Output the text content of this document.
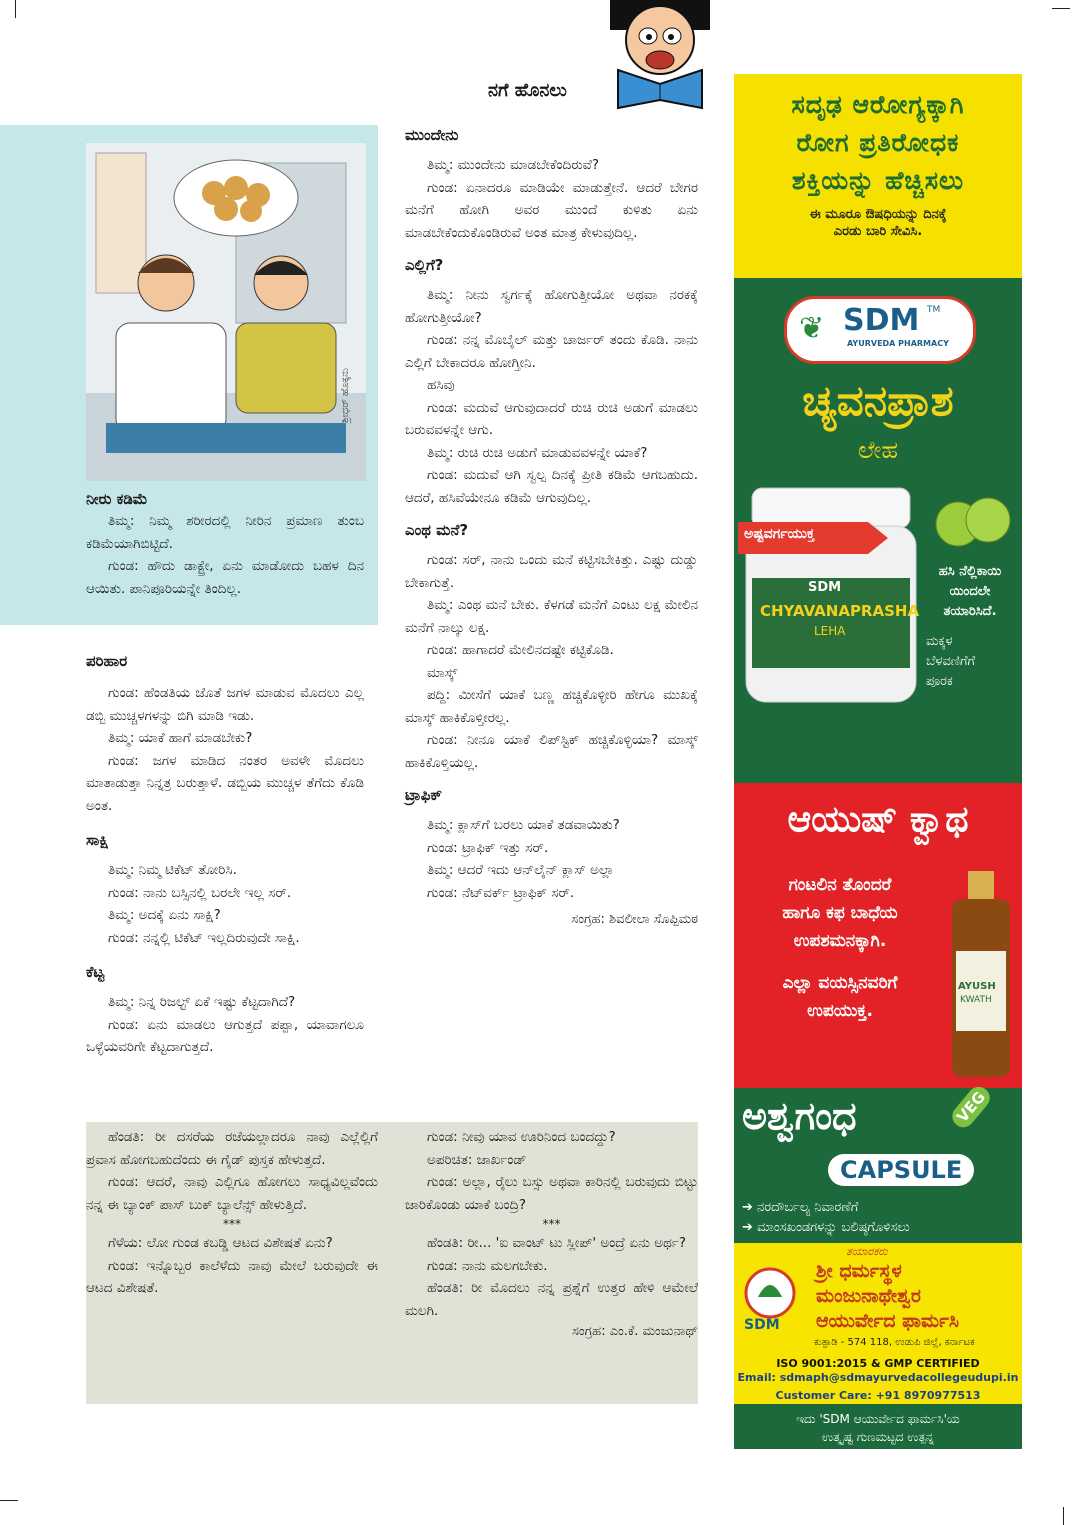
ನಗೆ ಹೊನಲು
ಶ್ರೀಧರ್ ಹೊಕ್ಕನು

ನೀರು ಕಡಿಮೆ

ತಿಮ್ಮ: ನಿಮ್ಮ ಶರೀರದಲ್ಲಿ ನೀರಿನ ಪ್ರಮಾಣ ತುಂಬ ಕಡಿಮೆಯಾಗಿಬಿಟ್ಟಿದೆ.

ಗುಂಡ: ಹೌದು ಡಾಕ್ಟ್ರೇ, ಏನು ಮಾಡೋದು ಬಹಳ ದಿನ ಆಯಿತು. ಪಾನಿಪೂರಿಯನ್ನೇ ತಿಂದಿಲ್ಲ.

ಪರಿಹಾರ

ಗುಂಡ: ಹೆಂಡತಿಯ ಜೊತೆ ಜಗಳ ಮಾಡುವ ಮೊದಲು ಎಲ್ಲ ಡಬ್ಬಿ ಮುಚ್ಚಳಗಳನ್ನು ಬಿಗಿ ಮಾಡಿ ಇಡು.

ತಿಮ್ಮ: ಯಾಕೆ ಹಾಗೆ ಮಾಡಬೇಕು?

ಗುಂಡ: ಜಗಳ ಮಾಡಿದ ನಂತರ ಅವಳೇ ಮೊದಲು ಮಾತಾಡುತ್ತಾ ನಿನ್ನತ್ರ ಬರುತ್ತಾಳೆ. ಡಬ್ಬಿಯ ಮುಚ್ಚಳ ತೆಗೆದು ಕೊಡಿ ಅಂತ.

ಸಾಕ್ಷಿ

ತಿಮ್ಮ: ನಿಮ್ಮ ಟಿಕೆಟ್ ತೋರಿಸಿ.

ಗುಂಡ: ನಾನು ಬಸ್ಸಿನಲ್ಲಿ ಬರಲೇ ಇಲ್ಲ ಸರ್.

ತಿಮ್ಮ: ಅದಕ್ಕೆ ಏನು ಸಾಕ್ಷಿ?

ಗುಂಡ: ನನ್ನಲ್ಲಿ ಟಿಕೆಟ್ ಇಲ್ಲದಿರುವುದೇ ಸಾಕ್ಷಿ.

ಕೆಟ್ಟ

ತಿಮ್ಮ: ನಿನ್ನ ರಿಜಲ್ಟ್ ಏಕೆ ಇಷ್ಟು ಕೆಟ್ಟದಾಗಿದೆ?

ಗುಂಡ: ಏನು ಮಾಡಲು ಆಗುತ್ತದೆ ಪಪ್ಪಾ, ಯಾವಾಗಲೂ ಒಳ್ಳೆಯವರಿಗೇ ಕೆಟ್ಟದಾಗುತ್ತದೆ.

ಮುಂದೇನು

ತಿಮ್ಮ: ಮುಂದೇನು ಮಾಡಬೇಕೆಂದಿರುವೆ?

ಗುಂಡ: ಏನಾದರೂ ಮಾಡಿಯೇ ಮಾಡುತ್ತೇನೆ. ಆದರೆ ಬೇಗರ ಮನೆಗೆ ಹೋಗಿ ಅವರ ಮುಂದೆ ಕುಳಿತು ಏನು ಮಾಡಬೇಕೆಂದುಕೊಂಡಿರುವೆ ಅಂತ ಮಾತ್ರ ಕೇಳುವುದಿಲ್ಲ.

ಎಲ್ಲಿಗೆ?

ತಿಮ್ಮ: ನೀನು ಸ್ವರ್ಗಕ್ಕೆ ಹೋಗುತ್ತೀಯೋ ಅಥವಾ ನರಕಕ್ಕೆ ಹೋಗುತ್ತೀಯೋ?

ಗುಂಡ: ನನ್ನ ಮೊಬೈಲ್ ಮತ್ತು ಚಾರ್ಜರ್ ತಂದು ಕೊಡಿ. ನಾನು ಎಲ್ಲಿಗೆ ಬೇಕಾದರೂ ಹೋಗ್ತೀನಿ.

ಹಸಿವು

ಗುಂಡ: ಮದುವೆ ಆಗುವುದಾದರೆ ರುಚಿ ರುಚಿ ಅಡುಗೆ ಮಾಡಲು ಬರುವವಳನ್ನೇ ಆಗು.

ತಿಮ್ಮ: ರುಚಿ ರುಚಿ ಅಡುಗೆ ಮಾಡುವವಳನ್ನೇ ಯಾಕೆ?

ಗುಂಡ: ಮದುವೆ ಆಗಿ ಸ್ವಲ್ಪ ದಿನಕ್ಕೆ ಪ್ರೀತಿ ಕಡಿಮೆ ಆಗಬಹುದು. ಆದರೆ, ಹಸಿವೆಯೇನೂ ಕಡಿಮೆ ಆಗುವುದಿಲ್ಲ.

ಎಂಥ ಮನೆ?

ಗುಂಡ: ಸರ್, ನಾನು ಒಂದು ಮನೆ ಕಟ್ಟಿಸಬೇಕಿತ್ತು. ಎಷ್ಟು ದುಡ್ಡು ಬೇಕಾಗುತ್ತೆ.

ತಿಮ್ಮ: ಎಂಥ ಮನೆ ಬೇಕು. ಕೆಳಗಡೆ ಮನೆಗೆ ಎಂಟು ಲಕ್ಷ ಮೇಲಿನ ಮನೆಗೆ ನಾಲ್ಕು ಲಕ್ಷ.

ಗುಂಡ: ಹಾಗಾದರೆ ಮೇಲಿನದಷ್ಟೇ ಕಟ್ಟಿಕೊಡಿ.

ಮಾಸ್ಕ್

ಪದ್ದಿ: ಮೀಸೆಗೆ ಯಾಕೆ ಬಣ್ಣ ಹಚ್ಚಿಕೊಳ್ಳೀರಿ ಹೇಗೂ ಮುಖಕ್ಕೆ ಮಾಸ್ಕ್ ಹಾಕಿಕೊಳ್ತೀರಲ್ಲ.

ಗುಂಡ: ನೀನೂ ಯಾಕೆ ಲಿಪ್‌ಸ್ಟಿಕ್ ಹಚ್ಚಿಕೊಳ್ಳಿಯಾ? ಮಾಸ್ಕ್ ಹಾಕಿಕೊಳ್ತಿಯಲ್ಲ.

ಟ್ರಾಫಿಕ್

ತಿಮ್ಮ: ಕ್ಲಾಸ್‌ಗೆ ಬರಲು ಯಾಕೆ ತಡವಾಯಿತು?

ಗುಂಡ: ಟ್ರಾಫಿಕ್ ಇತ್ತು ಸರ್.

ತಿಮ್ಮ: ಆದರೆ ಇದು ಆನ್‌ಲೈನ್ ಕ್ಲಾಸ್ ಅಲ್ಲಾ

ಗುಂಡ: ನೆಟ್‌ವರ್ಕ್ ಟ್ರಾಫಿಕ್ ಸರ್.

ಸಂಗ್ರಹ: ಶಿವಲೀಲಾ ಸೊಪ್ಪಿಮಠ

ಹೆಂಡತಿ: ರೀ ದಸರೆಯ ರಜೆಯಲ್ಲಾದರೂ ನಾವು ಎಲ್ಲೆಲ್ಲಿಗೆ ಪ್ರವಾಸ ಹೋಗಬಹುದೆಂದು ಈ ಗೈಡ್ ಪುಸ್ತಕ ಹೇಳುತ್ತದೆ.

ಗುಂಡ: ಆದರೆ, ನಾವು ಎಲ್ಲಿಗೂ ಹೋಗಲು ಸಾಧ್ಯವಿಲ್ಲವೆಂದು ನನ್ನ ಈ ಬ್ಯಾಂಕ್ ಪಾಸ್ ಬುಕ್ ಬ್ಯಾಲೆನ್ಸ್ ಹೇಳುತ್ತಿದೆ.

***

ಗೆಳೆಯ: ಲೋ ಗುಂಡ ಕಬಡ್ಡಿ ಆಟದ ವಿಶೇಷತೆ ಏನು?

ಗುಂಡ: ಇನ್ನೊಬ್ಬರ ಕಾಲೆಳೆದು ನಾವು ಮೇಲೆ ಬರುವುದೇ ಈ ಆಟದ ವಿಶೇಷತೆ.

ಗುಂಡ: ನೀವು ಯಾವ ಊರಿನಿಂದ ಬಂದದ್ದು?

ಅಪರಿಚಿತ: ಜಾರ್ಖಂಡ್

ಗುಂಡ: ಅಲ್ಲಾ, ರೈಲು ಬಸ್ಸು ಅಥವಾ ಕಾರಿನಲ್ಲಿ ಬರುವುದು ಬಿಟ್ಟು ಜಾರಿಕೊಂಡು ಯಾಕೆ ಬಂದ್ರಿ?

***

ಹೆಂಡತಿ: ರೀ... 'ಐ ವಾಂಟ್ ಟು ಸ್ಲೀಪ್' ಅಂದ್ರೆ ಏನು ಅರ್ಥ?

ಗುಂಡ: ನಾನು ಮಲಗಬೇಕು.

ಹೆಂಡತಿ: ರೀ ಮೊದಲು ನನ್ನ ಪ್ರಶ್ನೆಗೆ ಉತ್ತರ ಹೇಳಿ ಆಮೇಲೆ ಮಲಗಿ.

ಸಂಗ್ರಹ: ಎಂ.ಕೆ. ಮಂಜುನಾಥ್

ಸದೃಢ ಆರೋಗ್ಯಕ್ಕಾಗಿ
ರೋಗ ಪ್ರತಿರೋಧಕ
ಶಕ್ತಿಯನ್ನು ಹೆಚ್ಚಿಸಲು
ಈ ಮೂರೂ ಔಷಧಿಯನ್ನು ದಿನಕ್ಕೆ
ಎರಡು ಬಾರಿ ಸೇವಿಸಿ.
❦ SDM TM
AYURVEDA PHARMACY
ಚ್ಯವನಪ್ರಾಶ
ಲೇಹ
ಅಷ್ಟವರ್ಗಯುಕ್ತ
SDM
CHYAVANAPRASHA
LEHA
ಹಸಿ ನೆಲ್ಲಿಕಾಯಿ
ಯಿಂದಲೇ
ತಯಾರಿಸಿದೆ.
ಮಕ್ಕಳ
ಬೆಳವಣಿಗೆಗೆ
ಪೂರಕ
ಆಯುಷ್ ಕ್ವಾಥ
ಗಂಟಲಿನ ತೊಂದರೆ
ಹಾಗೂ ಕಫ ಬಾಧೆಯ
ಉಪಶಮನಕ್ಕಾಗಿ.
ಎಲ್ಲಾ ವಯಸ್ಸಿನವರಿಗೆ
ಉಪಯುಕ್ತ.
AYUSH
KWATH
ಅಶ್ವಗಂಧ	VEG
CAPSULE
➔ ನರದೌರ್ಬಲ್ಯ ನಿವಾರಣೆಗೆ
➔ ಮಾಂಸಖಂಡಗಳನ್ನು ಬಲಿಷ್ಠಗೊಳಿಸಲು
ತಯಾರಕರು
SDM
ಶ್ರೀ ಧರ್ಮಸ್ಥಳ
ಮಂಜುನಾಥೇಶ್ವರ
ಆಯುರ್ವೇದ ಫಾರ್ಮಸಿ
ಕುತ್ಪಾಡಿ - 574 118, ಉಡುಪಿ ಜಿಲ್ಲೆ, ಕರ್ನಾಟಕ
ISO 9001:2015 & GMP CERTIFIED
Email: sdmaph@sdmayurvedacollegeudupi.in
Customer Care: +91 8970977513
ಇದು 'SDM ಆಯುರ್ವೇದ ಫಾರ್ಮಸಿ'ಯ
ಉತ್ಕೃಷ್ಟ ಗುಣಮಟ್ಟದ ಉತ್ಪನ್ನ
